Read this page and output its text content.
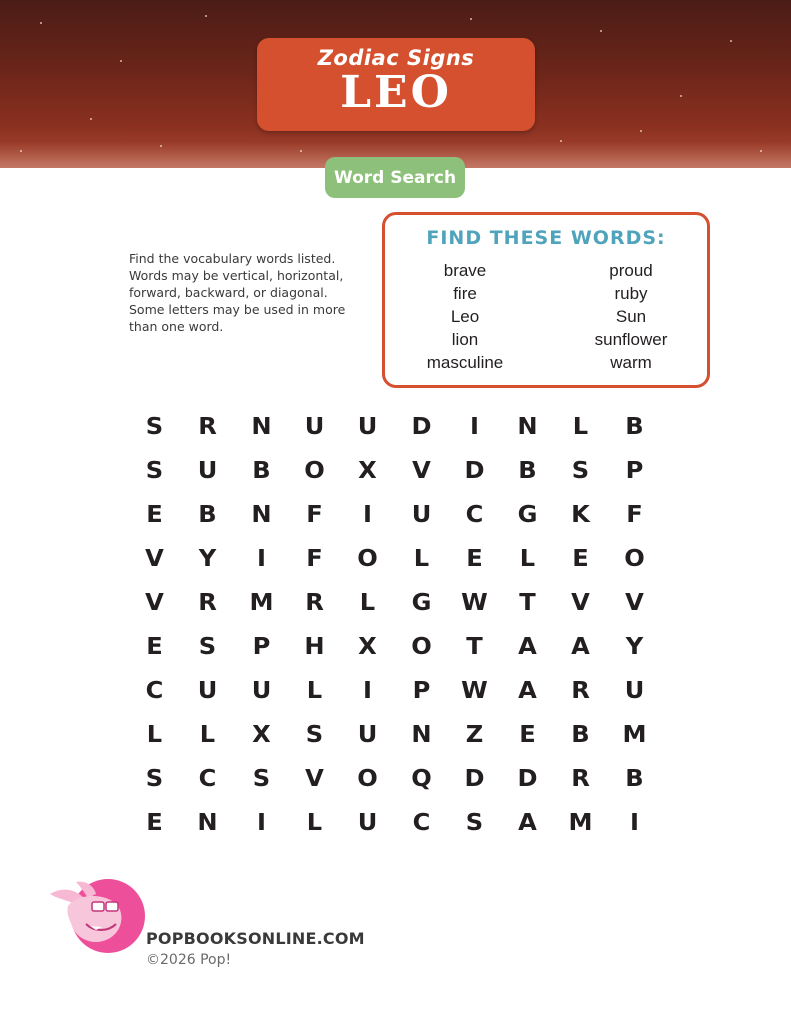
Zodiac Signs
LEO
Word Search
Find the vocabulary words listed. Words may be vertical, horizontal, forward, backward, or diagonal. Some letters may be used in more than one word.
FIND THESE WORDS:
brave
fire
Leo
lion
masculine
proud
ruby
Sun
sunflower
warm
S	R	N	U	U	D	I	N	L	B
S	U	B	O	X	V	D	B	S	P
E	B	N	F	I	U	C	G	K	F
V	Y	I	F	O	L	E	L	E	O
V	R	M	R	L	G	W	T	V	V
E	S	P	H	X	O	T	A	A	Y
C	U	U	L	I	P	W	A	R	U
L	L	X	S	U	N	Z	E	B	M
S	C	S	V	O	Q	D	D	R	B
E	N	I	L	U	C	S	A	M	I
POPBOOKSONLINE.COM
©2026 Pop!
